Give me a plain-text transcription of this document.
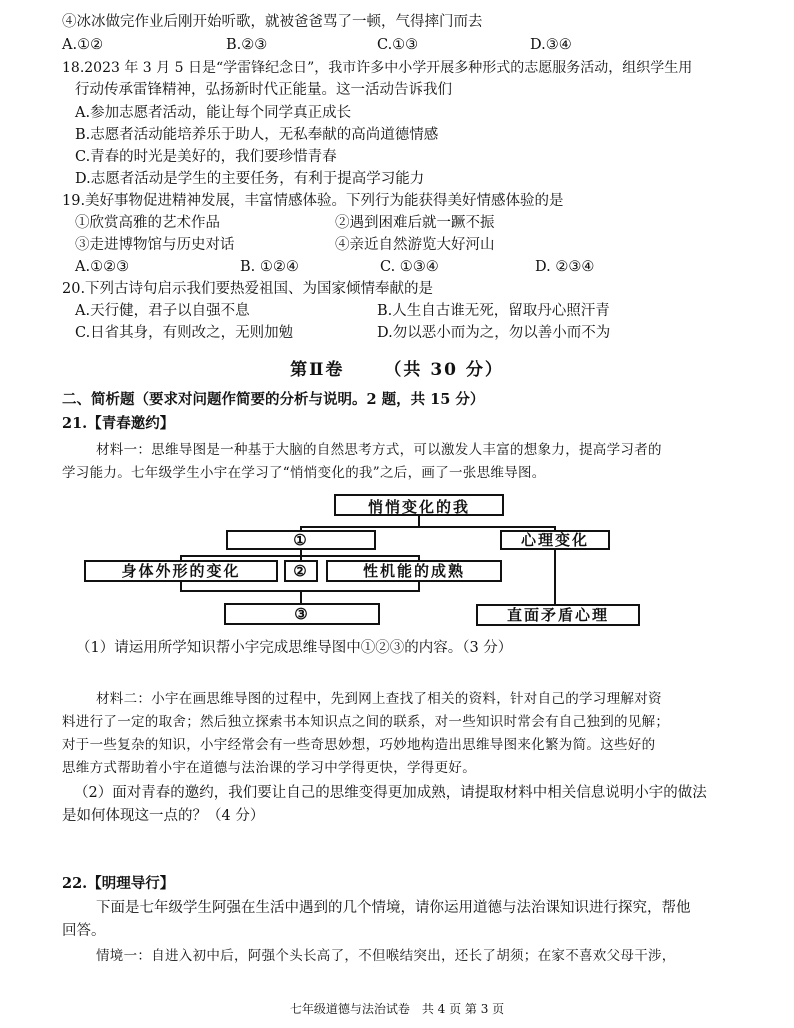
④冰冰做完作业后刚开始听歌，就被爸爸骂了一顿，气得摔门而去
A.①②	B.②③	C.①③	D.③④
18.2023 年 3 月 5 日是“学雷锋纪念日”，我市许多中小学开展多种形式的志愿服务活动，组织学生用
行动传承雷锋精神，弘扬新时代正能量。这一活动告诉我们
A.参加志愿者活动，能让每个同学真正成长
B.志愿者活动能培养乐于助人，无私奉献的高尚道德情感
C.青春的时光是美好的，我们要珍惜青春
D.志愿者活动是学生的主要任务，有利于提高学习能力
19.美好事物促进精神发展，丰富情感体验。下列行为能获得美好情感体验的是
①欣赏高雅的艺术作品	②遇到困难后就一蹶不振
③走进博物馆与历史对话	④亲近自然游览大好河山
A.①②③	B. ①②④	C. ①③④	D. ②③④
20.下列古诗句启示我们要热爱祖国、为国家倾情奉献的是
A.天行健，君子以自强不息	B.人生自古谁无死，留取丹心照汗青
C.日省其身，有则改之，无则加勉	D.勿以恶小而为之，勿以善小而不为
第Ⅱ卷 （共 30 分）
二、简析题（要求对问题作简要的分析与说明。2 题，共 15 分）
21.【青春邀约】
材料一：思维导图是一种基于大脑的自然思考方式，可以激发人丰富的想象力，提高学习者的
学习能力。七年级学生小宇在学习了“悄悄变化的我”之后，画了一张思维导图。
悄悄变化的我
①	心理变化
身体外形的变化	②	性机能的成熟
③	直面矛盾心理
（1）请运用所学知识帮小宇完成思维导图中①②③的内容。（3 分）
材料二：小宇在画思维导图的过程中，先到网上查找了相关的资料，针对自己的学习理解对资
料进行了一定的取舍；然后独立探索书本知识点之间的联系，对一些知识时常会有自己独到的见解；
对于一些复杂的知识，小宇经常会有一些奇思妙想，巧妙地构造出思维导图来化繁为简。这些好的
思维方式帮助着小宇在道德与法治课的学习中学得更快，学得更好。
（2）面对青春的邀约，我们要让自己的思维变得更加成熟，请提取材料中相关信息说明小宇的做法
是如何体现这一点的？（4 分）
22.【明理导行】
下面是七年级学生阿强在生活中遇到的几个情境，请你运用道德与法治课知识进行探究，帮他
回答。
情境一：自进入初中后，阿强个头长高了，不但喉结突出，还长了胡须；在家不喜欢父母干涉，
七年级道德与法治试卷　共 4 页 第 3 页
